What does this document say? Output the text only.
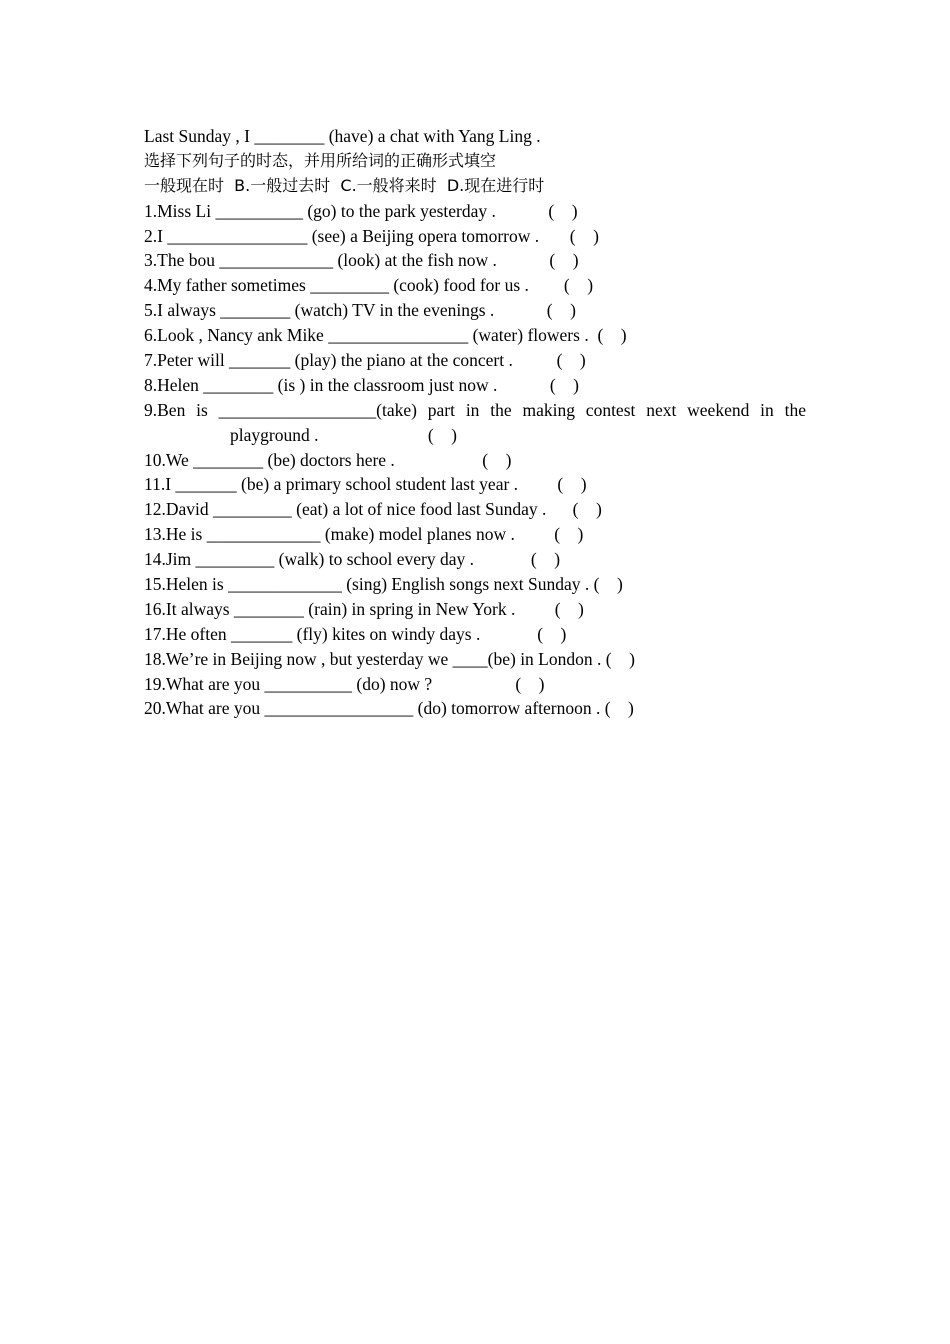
Last Sunday , I ________ (have) a chat with Yang Ling .
选择下列句子的时态，并用所给词的正确形式填空
一般现在时  B.一般过去时  C.一般将来时  D.现在进行时
1.Miss Li __________ (go) to the park yesterday .            (    )
2.I ________________ (see) a Beijing opera tomorrow .       (    )
3.The bou _____________ (look) at the fish now .            (    )
4.My father sometimes _________ (cook) food for us .        (    )
5.I always ________ (watch) TV in the evenings .            (    )
6.Look , Nancy ank Mike ________________ (water) flowers .  (    )
7.Peter will _______ (play) the piano at the concert .          (    )
8.Helen ________ (is ) in the classroom just now .            (    )
9.Ben is __________________(take) part in the making contest next weekend in the
playground .                         (    )
10.We ________ (be) doctors here .                    (    )
11.I _______ (be) a primary school student last year .         (    )
12.David _________ (eat) a lot of nice food last Sunday .      (    )
13.He is _____________ (make) model planes now .         (    )
14.Jim _________ (walk) to school every day .             (    )
15.Helen is _____________ (sing) English songs next Sunday . (    )
16.It always ________ (rain) in spring in New York .         (    )
17.He often _______ (fly) kites on windy days .             (    )
18.We’re in Beijing now , but yesterday we ____(be) in London . (    )
19.What are you __________ (do) now ?                   (    )
20.What are you _________________ (do) tomorrow afternoon . (    )
